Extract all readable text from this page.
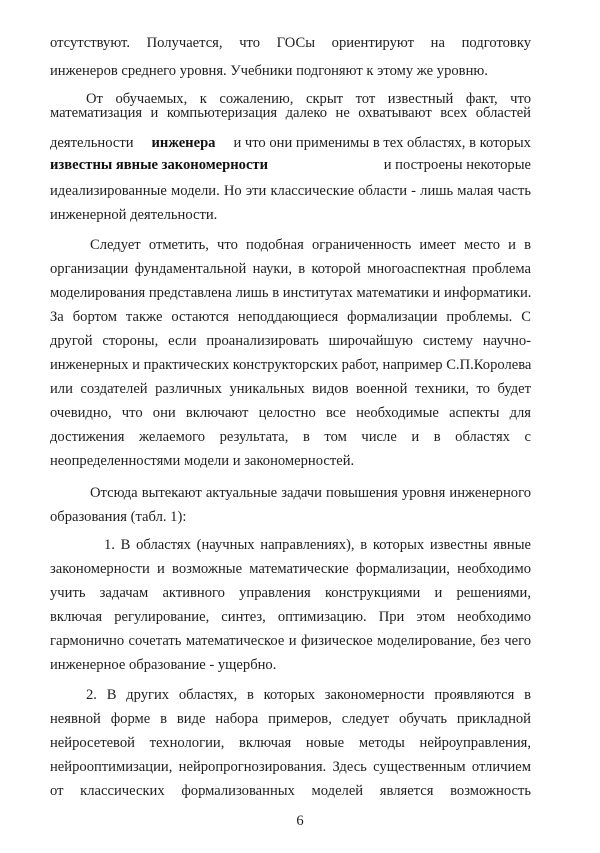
отсутствуют. Получается, что ГОСы ориентируют на подготовку
инженеров среднего уровня. Учебники подгоняют к этому же уровню.
От обучаемых, к сожалению, скрыт тот известный факт, что
математизация и компьютеризация далеко не охватывают всех областей
деятельности инженера и что они применимы в тех областях, в которых
известны явные закономерности	и построены некоторые
идеализированные модели. Но эти классические области - лишь малая часть
инженерной деятельности.
Следует отметить, что подобная ограниченность имеет место и в
организации фундаментальной науки, в которой многоаспектная проблема
моделирования представлена лишь в институтах математики и информатики.
За бортом также остаются неподдающиеся формализации проблемы. С
другой стороны, если проанализировать широчайшую систему научно-
инженерных и практических конструкторских работ, например С.П.Королева
или создателей различных уникальных видов военной техники, то будет
очевидно, что они включают целостно все необходимые аспекты для
достижения желаемого результата, в том числе и в областях с
неопределенностями модели и закономерностей.
Отсюда вытекают актуальные задачи повышения уровня инженерного
образования (табл. 1):
1. В областях (научных направлениях), в которых известны явные
закономерности и возможные математические формализации, необходимо
учить задачам активного управления конструкциями и решениями,
включая регулирование, синтез, оптимизацию. При этом необходимо
гармонично сочетать математическое и физическое моделирование, без чего
инженерное образование - ущербно.
2. В других областях, в которых закономерности проявляются в
неявной форме в виде набора примеров, следует обучать прикладной
нейросетевой технологии, включая новые методы нейроуправления,
нейрооптимизации, нейропрогнозирования. Здесь существенным отличием
от классических формализованных моделей является возможность
6
